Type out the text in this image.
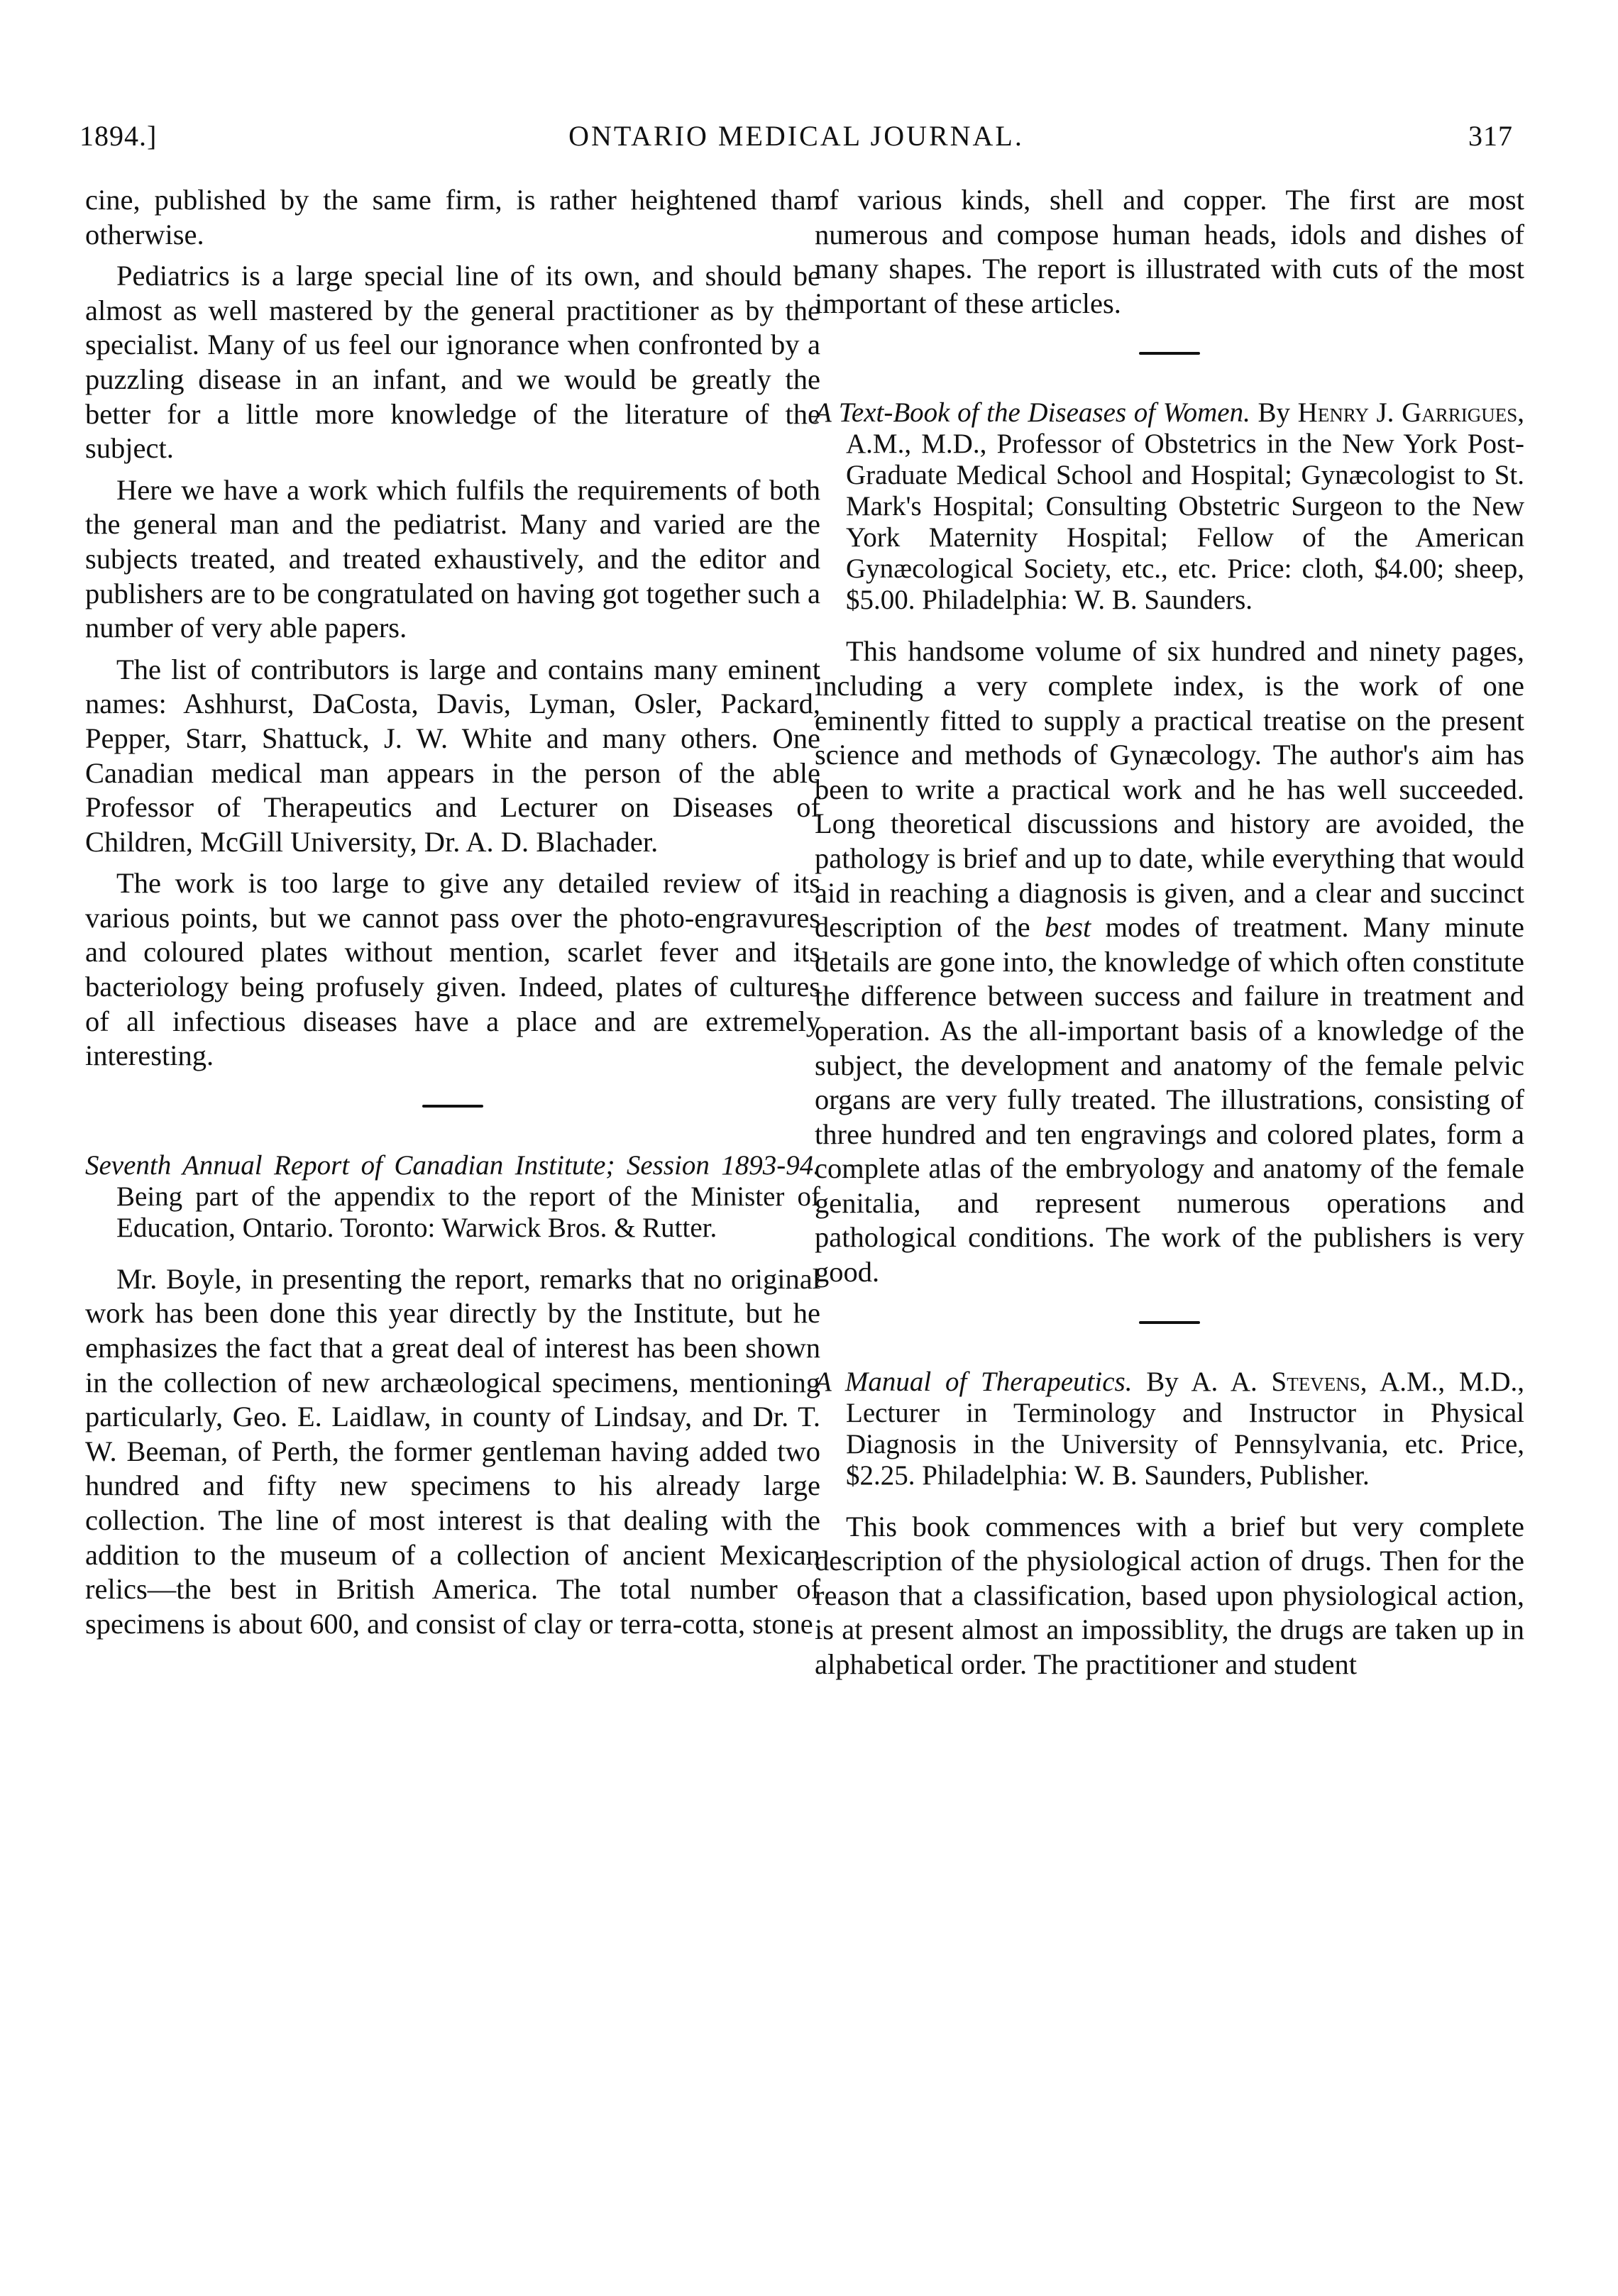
1894.]	ONTARIO MEDICAL JOURNAL.	317

cine, published by the same firm, is rather heightened than otherwise.

Pediatrics is a large special line of its own, and should be almost as well mastered by the general practitioner as by the specialist. Many of us feel our ignorance when confronted by a puzzling disease in an infant, and we would be greatly the better for a little more knowledge of the literature of the subject.

Here we have a work which fulfils the requirements of both the general man and the pediatrist. Many and varied are the subjects treated, and treated exhaustively, and the editor and publishers are to be congratulated on having got together such a number of very able papers.

The list of contributors is large and contains many eminent names: Ashhurst, DaCosta, Davis, Lyman, Osler, Packard, Pepper, Starr, Shattuck, J. W. White and many others. One Canadian medical man appears in the person of the able Professor of Therapeutics and Lecturer on Diseases of Children, McGill University, Dr. A. D. Blachader.

The work is too large to give any detailed review of its various points, but we cannot pass over the photo-engravures and coloured plates without mention, scarlet fever and its bacteriology being profusely given. Indeed, plates of cultures of all infectious diseases have a place and are extremely interesting.

Seventh Annual Report of Canadian Institute; Session 1893-94. Being part of the appendix to the report of the Minister of Education, Ontario. Toronto: Warwick Bros. & Rutter.

Mr. Boyle, in presenting the report, remarks that no original work has been done this year directly by the Institute, but he emphasizes the fact that a great deal of interest has been shown in the collection of new archæological specimens, mentioning particularly, Geo. E. Laidlaw, in county of Lindsay, and Dr. T. W. Beeman, of Perth, the former gentleman having added two hundred and fifty new specimens to his already large collection. The line of most interest is that dealing with the addition to the museum of a collection of ancient Mexican relics—the best in British America. The total number of specimens is about 600, and consist of clay or terra-cotta, stone

of various kinds, shell and copper. The first are most numerous and compose human heads, idols and dishes of many shapes. The report is illustrated with cuts of the most important of these articles.

A Text-Book of the Diseases of Women. By Henry J. Garrigues, A.M., M.D., Professor of Obstetrics in the New York Post-Graduate Medical School and Hospital; Gynæcologist to St. Mark's Hospital; Consulting Obstetric Surgeon to the New York Maternity Hospital; Fellow of the American Gynæcological Society, etc., etc. Price: cloth, $4.00; sheep, $5.00. Philadelphia: W. B. Saunders.

This handsome volume of six hundred and ninety pages, including a very complete index, is the work of one eminently fitted to supply a practical treatise on the present science and methods of Gynæcology. The author's aim has been to write a practical work and he has well succeeded. Long theoretical discussions and history are avoided, the pathology is brief and up to date, while everything that would aid in reaching a diagnosis is given, and a clear and succinct description of the best modes of treatment. Many minute details are gone into, the knowledge of which often constitute the difference between success and failure in treatment and operation. As the all-important basis of a knowledge of the subject, the development and anatomy of the female pelvic organs are very fully treated. The illustrations, consisting of three hundred and ten engravings and colored plates, form a complete atlas of the embryology and anatomy of the female genitalia, and represent numerous operations and pathological conditions. The work of the publishers is very good.

A Manual of Therapeutics. By A. A. Stevens, A.M., M.D., Lecturer in Terminology and Instructor in Physical Diagnosis in the University of Pennsylvania, etc. Price, $2.25. Philadelphia: W. B. Saunders, Publisher.

This book commences with a brief but very complete description of the physiological action of drugs. Then for the reason that a classification, based upon physiological action, is at present almost an impossiblity, the drugs are taken up in alphabetical order. The practitioner and student
